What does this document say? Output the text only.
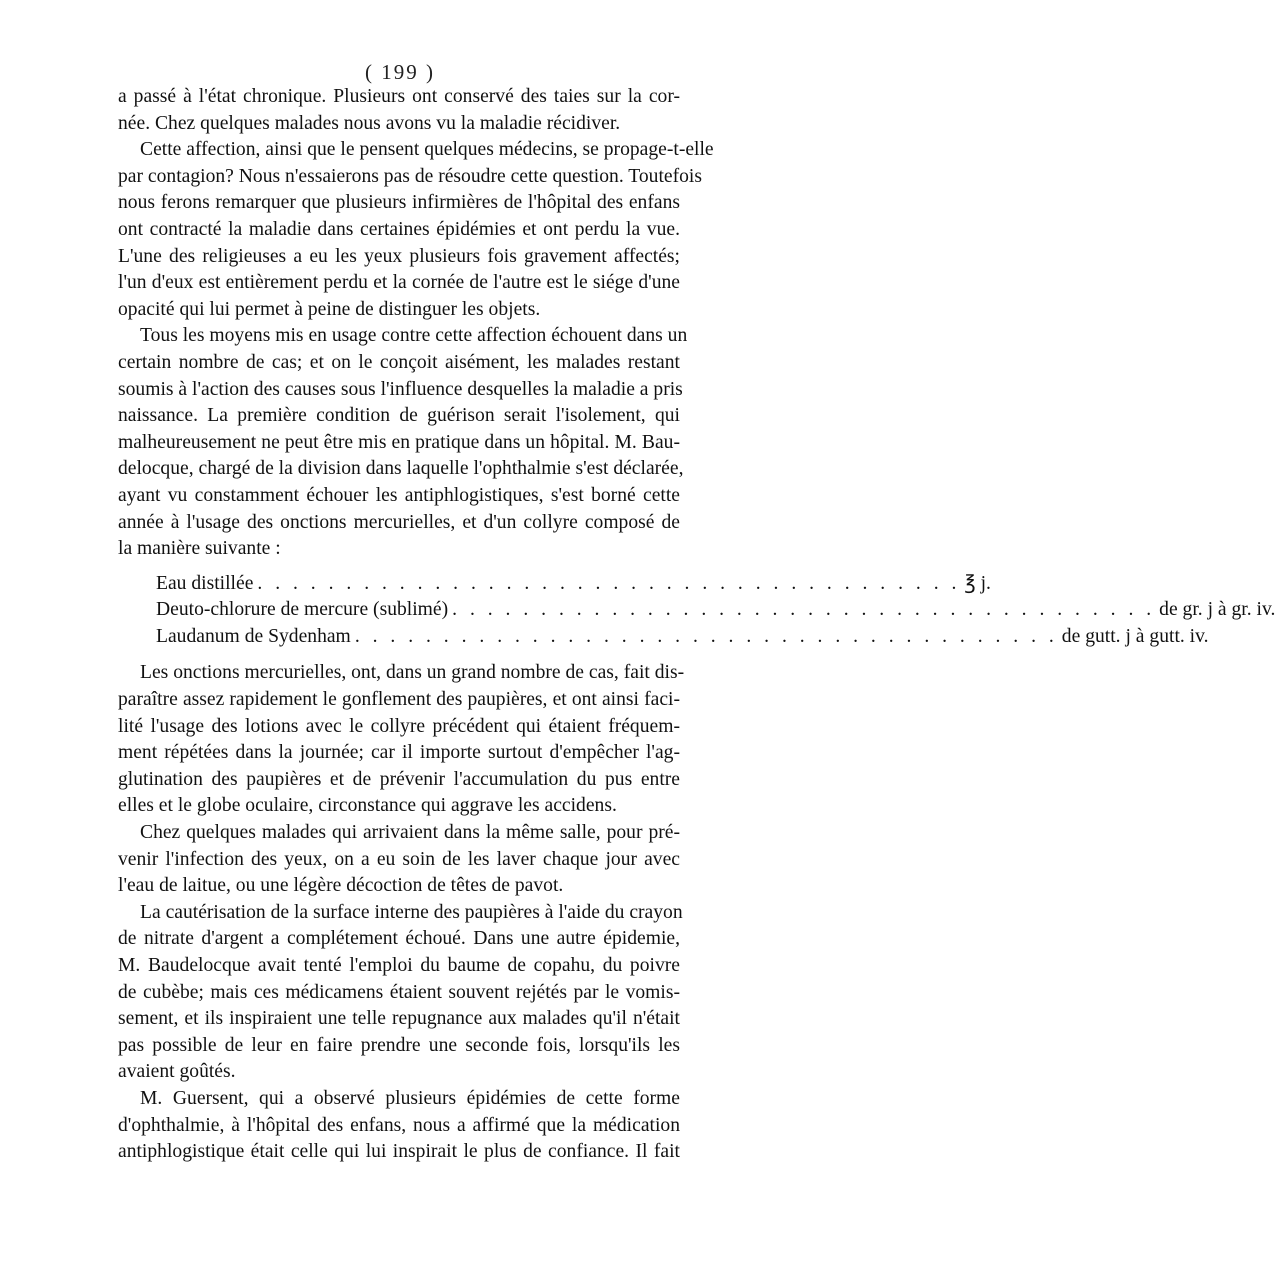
( 199 )
a passé à l'état chronique. Plusieurs ont conservé des taies sur la cor-
née. Chez quelques malades nous avons vu la maladie récidiver.
Cette affection, ainsi que le pensent quelques médecins, se propage-t-elle
par contagion? Nous n'essaierons pas de résoudre cette question. Toutefois
nous ferons remarquer que plusieurs infirmières de l'hôpital des enfans
ont contracté la maladie dans certaines épidémies et ont perdu la vue.
L'une des religieuses a eu les yeux plusieurs fois gravement affectés;
l'un d'eux est entièrement perdu et la cornée de l'autre est le siége d'une
opacité qui lui permet à peine de distinguer les objets.
Tous les moyens mis en usage contre cette affection échouent dans un
certain nombre de cas; et on le conçoit aisément, les malades restant
soumis à l'action des causes sous l'influence desquelles la maladie a pris
naissance. La première condition de guérison serait l'isolement, qui
malheureusement ne peut être mis en pratique dans un hôpital. M. Bau-
delocque, chargé de la division dans laquelle l'ophthalmie s'est déclarée,
ayant vu constamment échouer les antiphlogistiques, s'est borné cette
année à l'usage des onctions mercurielles, et d'un collyre composé de
la manière suivante :
Eau distillée . . . . . . . . . . . . . . . . . . . . . . . . . . . . . . . . . . . . . . . . ℥ j.
Deuto-chlorure de mercure (sublimé) . . . . . . . . . . . . . . . . . . . . . . . . . . . . . . . . . . . . . . . . de gr. j à gr. iv.
Laudanum de Sydenham . . . . . . . . . . . . . . . . . . . . . . . . . . . . . . . . . . . . . . . . de gutt. j à gutt. iv.
Les onctions mercurielles, ont, dans un grand nombre de cas, fait dis-
paraître assez rapidement le gonflement des paupières, et ont ainsi faci-
lité l'usage des lotions avec le collyre précédent qui étaient fréquem-
ment répétées dans la journée; car il importe surtout d'empêcher l'ag-
glutination des paupières et de prévenir l'accumulation du pus entre
elles et le globe oculaire, circonstance qui aggrave les accidens.
Chez quelques malades qui arrivaient dans la même salle, pour pré-
venir l'infection des yeux, on a eu soin de les laver chaque jour avec
l'eau de laitue, ou une légère décoction de têtes de pavot.
La cautérisation de la surface interne des paupières à l'aide du crayon
de nitrate d'argent a complétement échoué. Dans une autre épidemie,
M. Baudelocque avait tenté l'emploi du baume de copahu, du poivre
de cubèbe; mais ces médicamens étaient souvent rejétés par le vomis-
sement, et ils inspiraient une telle repugnance aux malades qu'il n'était
pas possible de leur en faire prendre une seconde fois, lorsqu'ils les
avaient goûtés.
M. Guersent, qui a observé plusieurs épidémies de cette forme
d'ophthalmie, à l'hôpital des enfans, nous a affirmé que la médication
antiphlogistique était celle qui lui inspirait le plus de confiance. Il fait
